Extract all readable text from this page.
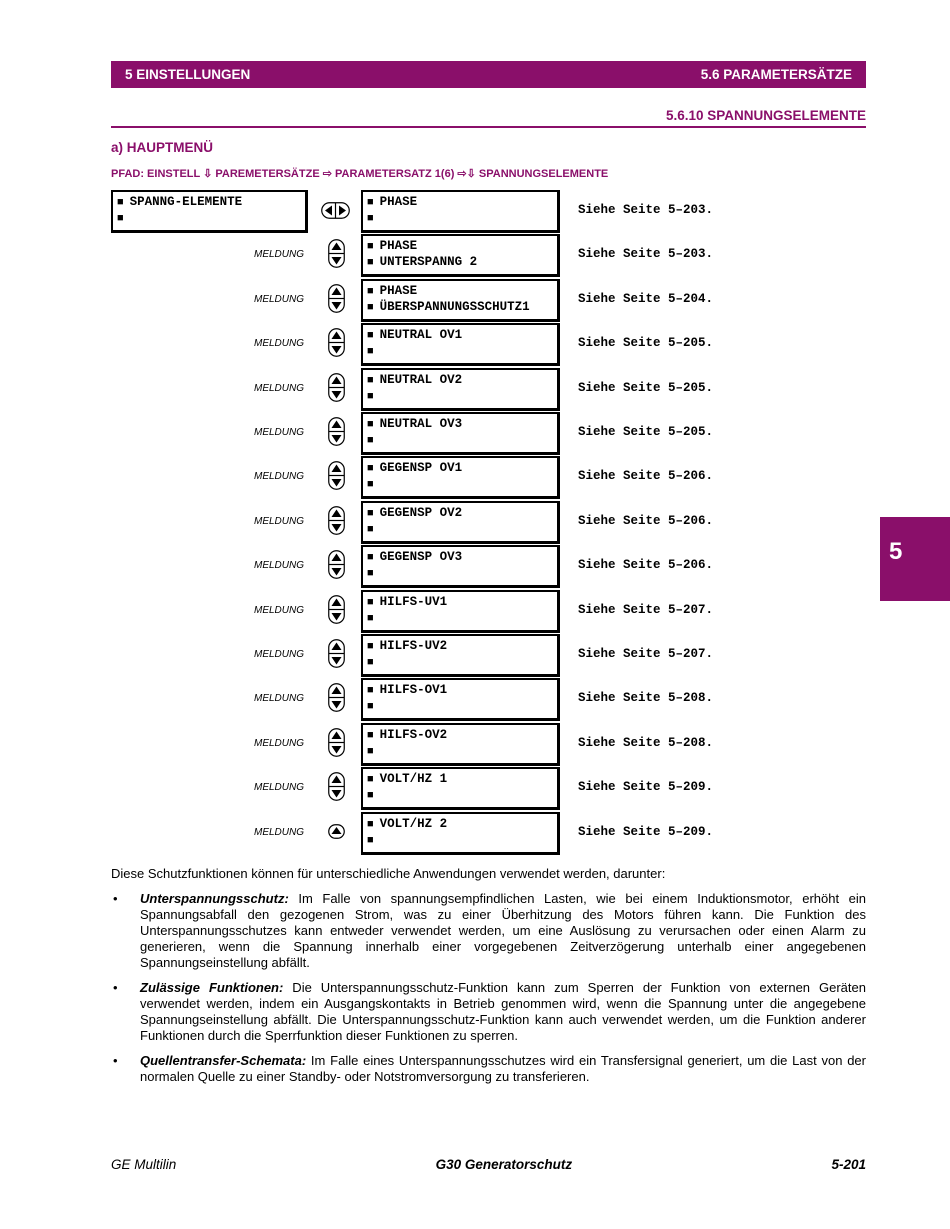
5 EINSTELLUNGEN	5.6 PARAMETERSÄTZE
5.6.10 SPANNUNGSELEMENTE
a) HAUPTMENÜ
PFAD: EINSTELL ⇩ PAREMETERSÄTZE ⇨ PARAMETERSATZ 1(6) ⇨⇩ SPANNUNGSELEMENTE
5
■ SPANNG-ELEMENTE
■
■	PHASE
■
Siehe Seite 5–203.
■ PHASE
■ UNTERSPANNG 2
Siehe Seite 5–203.
MELDUNG
■ PHASE
■ ÜBERSPANNUNGSSCHUTZ1
Siehe Seite 5–204.
MELDUNG
■ NEUTRAL OV1
■
Siehe Seite 5–205.
MELDUNG
■ NEUTRAL OV2
■
Siehe Seite 5–205.
MELDUNG
■ NEUTRAL OV3
■
Siehe Seite 5–205.
MELDUNG
■ GEGENSP OV1
■
Siehe Seite 5–206.
MELDUNG
■ GEGENSP OV2
■
Siehe Seite 5–206.
MELDUNG
■ GEGENSP OV3
■
Siehe Seite 5–206.
MELDUNG
■ HILFS-UV1
■
Siehe Seite 5–207.
MELDUNG
■ HILFS-UV2
■
Siehe Seite 5–207.
MELDUNG
■ HILFS-OV1
■
Siehe Seite 5–208.
MELDUNG
■ HILFS-OV2
■
Siehe Seite 5–208.
MELDUNG
■ VOLT/HZ 1
■
Siehe Seite 5–209.
MELDUNG
■ VOLT/HZ 2
■
Siehe Seite 5–209.
MELDUNG
Diese Schutzfunktionen können für unterschiedliche Anwendungen verwendet werden, darunter:
• Unterspannungsschutz: Im Falle von spannungsempfindlichen Lasten, wie bei einem Induktionsmotor, erhöht ein Spannungsabfall den gezogenen Strom, was zu einer Überhitzung des Motors führen kann. Die Funktion des Unterspannungsschutzes kann entweder verwendet werden, um eine Auslösung zu verursachen oder einen Alarm zu generieren, wenn die Spannung innerhalb einer vorgegebenen Zeitverzögerung unterhalb einer angegebenen Spannungseinstellung abfällt.
• Zulässige Funktionen: Die Unterspannungsschutz-Funktion kann zum Sperren der Funktion von externen Geräten verwendet werden, indem ein Ausgangskontakts in Betrieb genommen wird, wenn die Spannung unter die angegebene Spannungseinstellung abfällt. Die Unterspannungsschutz-Funktion kann auch verwendet werden, um die Funktion anderer Funktionen durch die Sperrfunktion dieser Funktionen zu sperren.
• Quellentransfer-Schemata: Im Falle eines Unterspannungsschutzes wird ein Transfersignal generiert, um die Last von der normalen Quelle zu einer Standby- oder Notstromversorgung zu transferieren.
GE Multilin	G30 Generatorschutz	5-201
